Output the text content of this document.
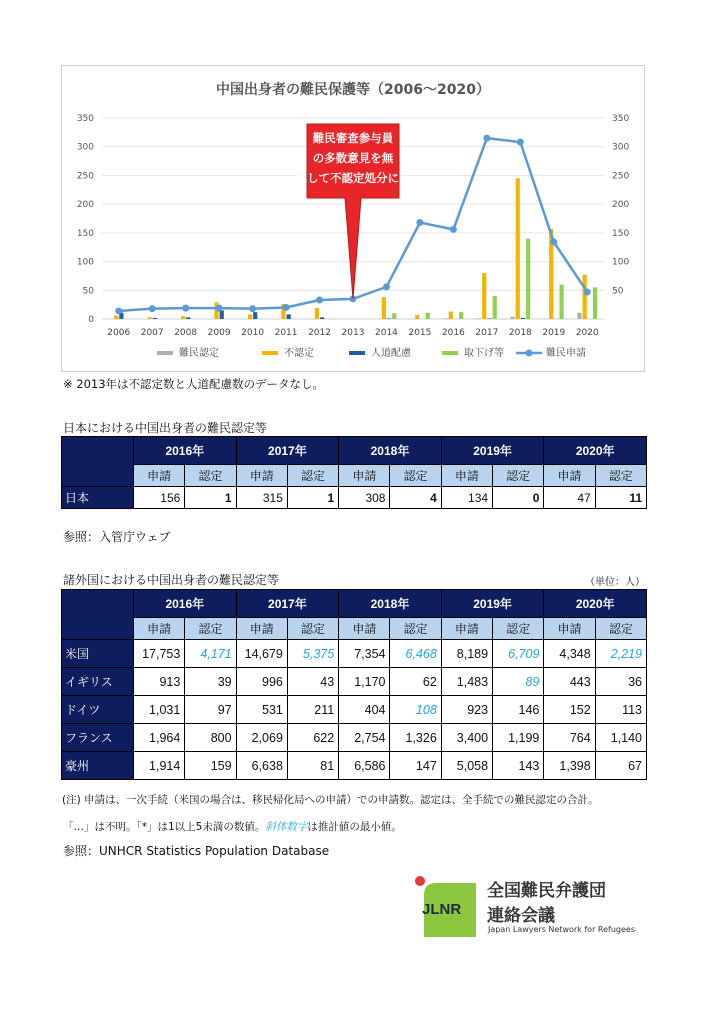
中国出身者の難民保護等（2006～2020）
0
50	50
100	100
150	150
200	200
250	250
300	300
350	350
2006 2007 2008 2009 2010 2011 2012 2013 2014 2015 2016 2017 2018 2019 2020
難民審査参与員
の多数意見を無
視して不認定処分に！
難民認定	不認定	人道配慮	取下げ等	難民申請
※ 2013年は不認定数と人道配慮数のデータなし。
日本における中国出身者の難民認定等
	2016年		2017年		2018年		2019年		2020年	
	申請	認定	申請	認定	申請	認定	申請	認定	申請	認定
日本	156	1	315	1	308	4	134	0	47	11
参照：入管庁ウェブ
諸外国における中国出身者の難民認定等	（単位：人）
	2016年		2017年		2018年		2019年		2020年	
	申請	認定	申請	認定	申請	認定	申請	認定	申請	認定
米国	17,753	4,171	14,679	5,375	7,354	6,468	8,189	6,709	4,348	2,219
イギリス	913	39	996	43	1,170	62	1,483	89	443	36
ドイツ	1,031	97	531	211	404	108	923	146	152	113
フランス	1,964	800	2,069	622	2,754	1,326	3,400	1,199	764	1,140
豪州	1,914	159	6,638	81	6,586	147	5,058	143	1,398	67
(注) 申請は、一次手続（米国の場合は、移民帰化局への申請）での申請数。認定は、全手続での難民認定の合計。
「…」は不明。「*」は1以上5未満の数値。斜体数字は推計値の最小値。
参照：UNHCR Statistics Population Database
JLNR
全国難民弁護団
連絡会議
Japan Lawyers Network for Refugees
